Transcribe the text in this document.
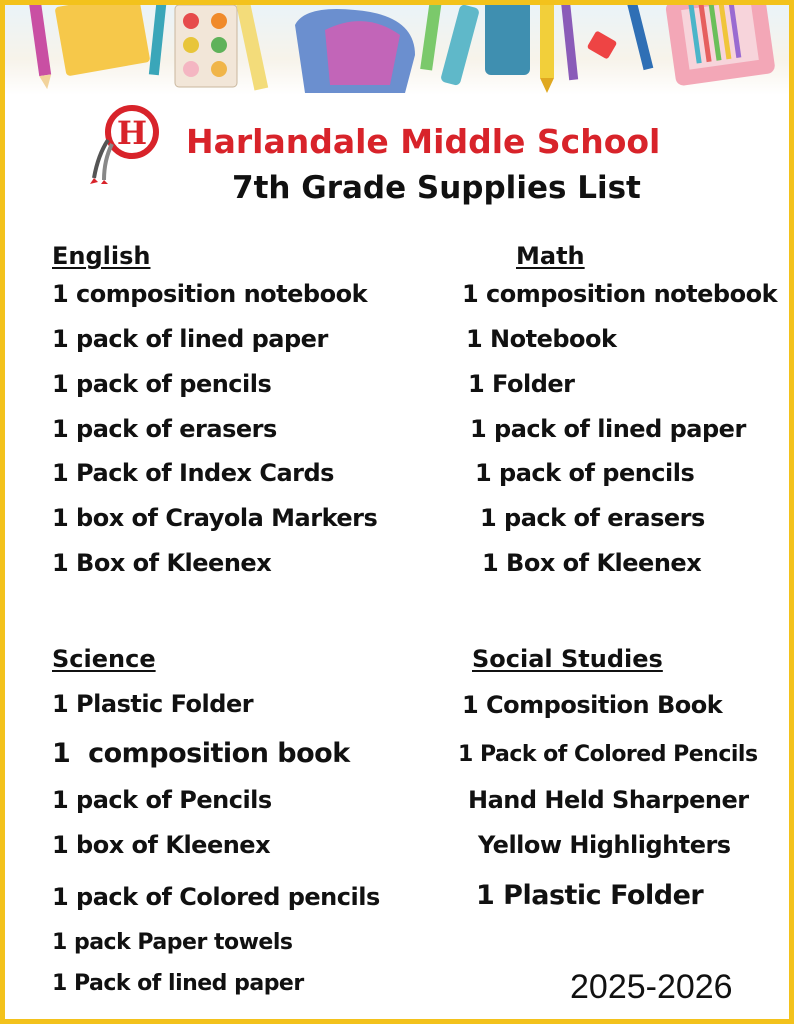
H Harlandale Middle School
7th Grade Supplies List
English
1 composition notebook
1 pack of lined paper
1 pack of pencils
1 pack of erasers
1 Pack of Index Cards
1 box of Crayola Markers
1 Box of Kleenex
Math
1 composition notebook
1 Notebook
1 Folder
1 pack of lined paper
1 pack of pencils
1 pack of erasers
1 Box of Kleenex
Science
1 Plastic Folder
1  composition book
1 pack of Pencils
1 box of Kleenex
1 pack of Colored pencils
1 pack Paper towels
1 Pack of lined paper
Social Studies
1 Composition Book
1 Pack of Colored Pencils
Hand Held Sharpener
Yellow Highlighters
1 Plastic Folder
2025-2026
